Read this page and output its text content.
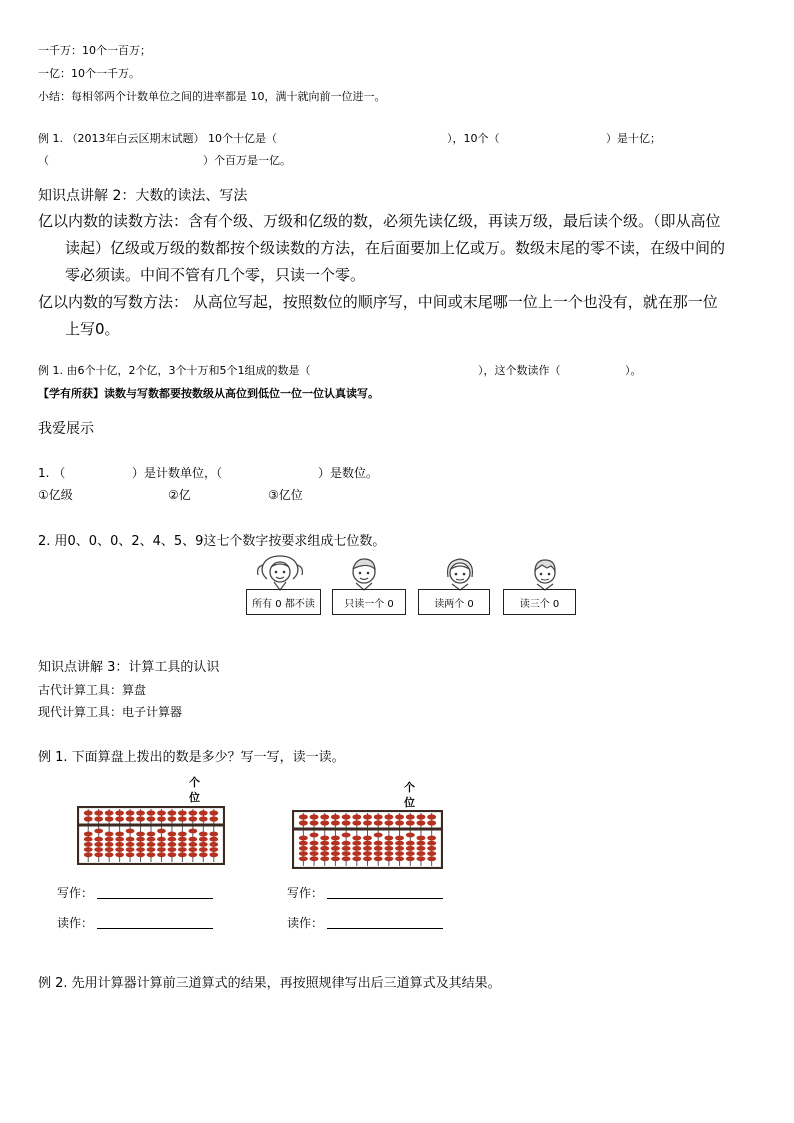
一千万：10个一百万；
一亿：10个一千万。
小结：每相邻两个计数单位之间的进率都是 10，满十就向前一位进一。
例 1. （2013年白云区期末试题） 10个十亿是（	），10个（	）是十亿；
（	）个百万是一亿。
知识点讲解 2：大数的读法、写法
亿以内数的读数方法：含有个级、万级和亿级的数，必须先读亿级，再读万级，最后读个级。（即从高位
读起）亿级或万级的数都按个级读数的方法，在后面要加上亿或万。数级末尾的零不读，在级中间的
零必须读。中间不管有几个零，只读一个零。
亿以内数的写数方法： 从高位写起，按照数位的顺序写，中间或末尾哪一位上一个也没有，就在那一位
上写0。
例 1. 由6个十亿，2个亿，3个十万和5个1组成的数是（	），这个数读作（	）。
【学有所获】读数与写数都要按数级从高位到低位一位一位认真读写。
我爱展示
1. （	）是计数单位，（	）是数位。
①亿级	②亿	③亿位
2. 用0、0、0、2、4、5、9这七个数字按要求组成七位数。
所有 0 都不读	只读一个 0	读两个 0	读三个 0
知识点讲解 3：计算工具的认识
古代计算工具：算盘
现代计算工具：电子计算器
例 1. 下面算盘上拨出的数是多少？写一写，读一读。
个
位
个
位
写作：
读作：
写作：
读作：
例 2. 先用计算器计算前三道算式的结果，再按照规律写出后三道算式及其结果。
